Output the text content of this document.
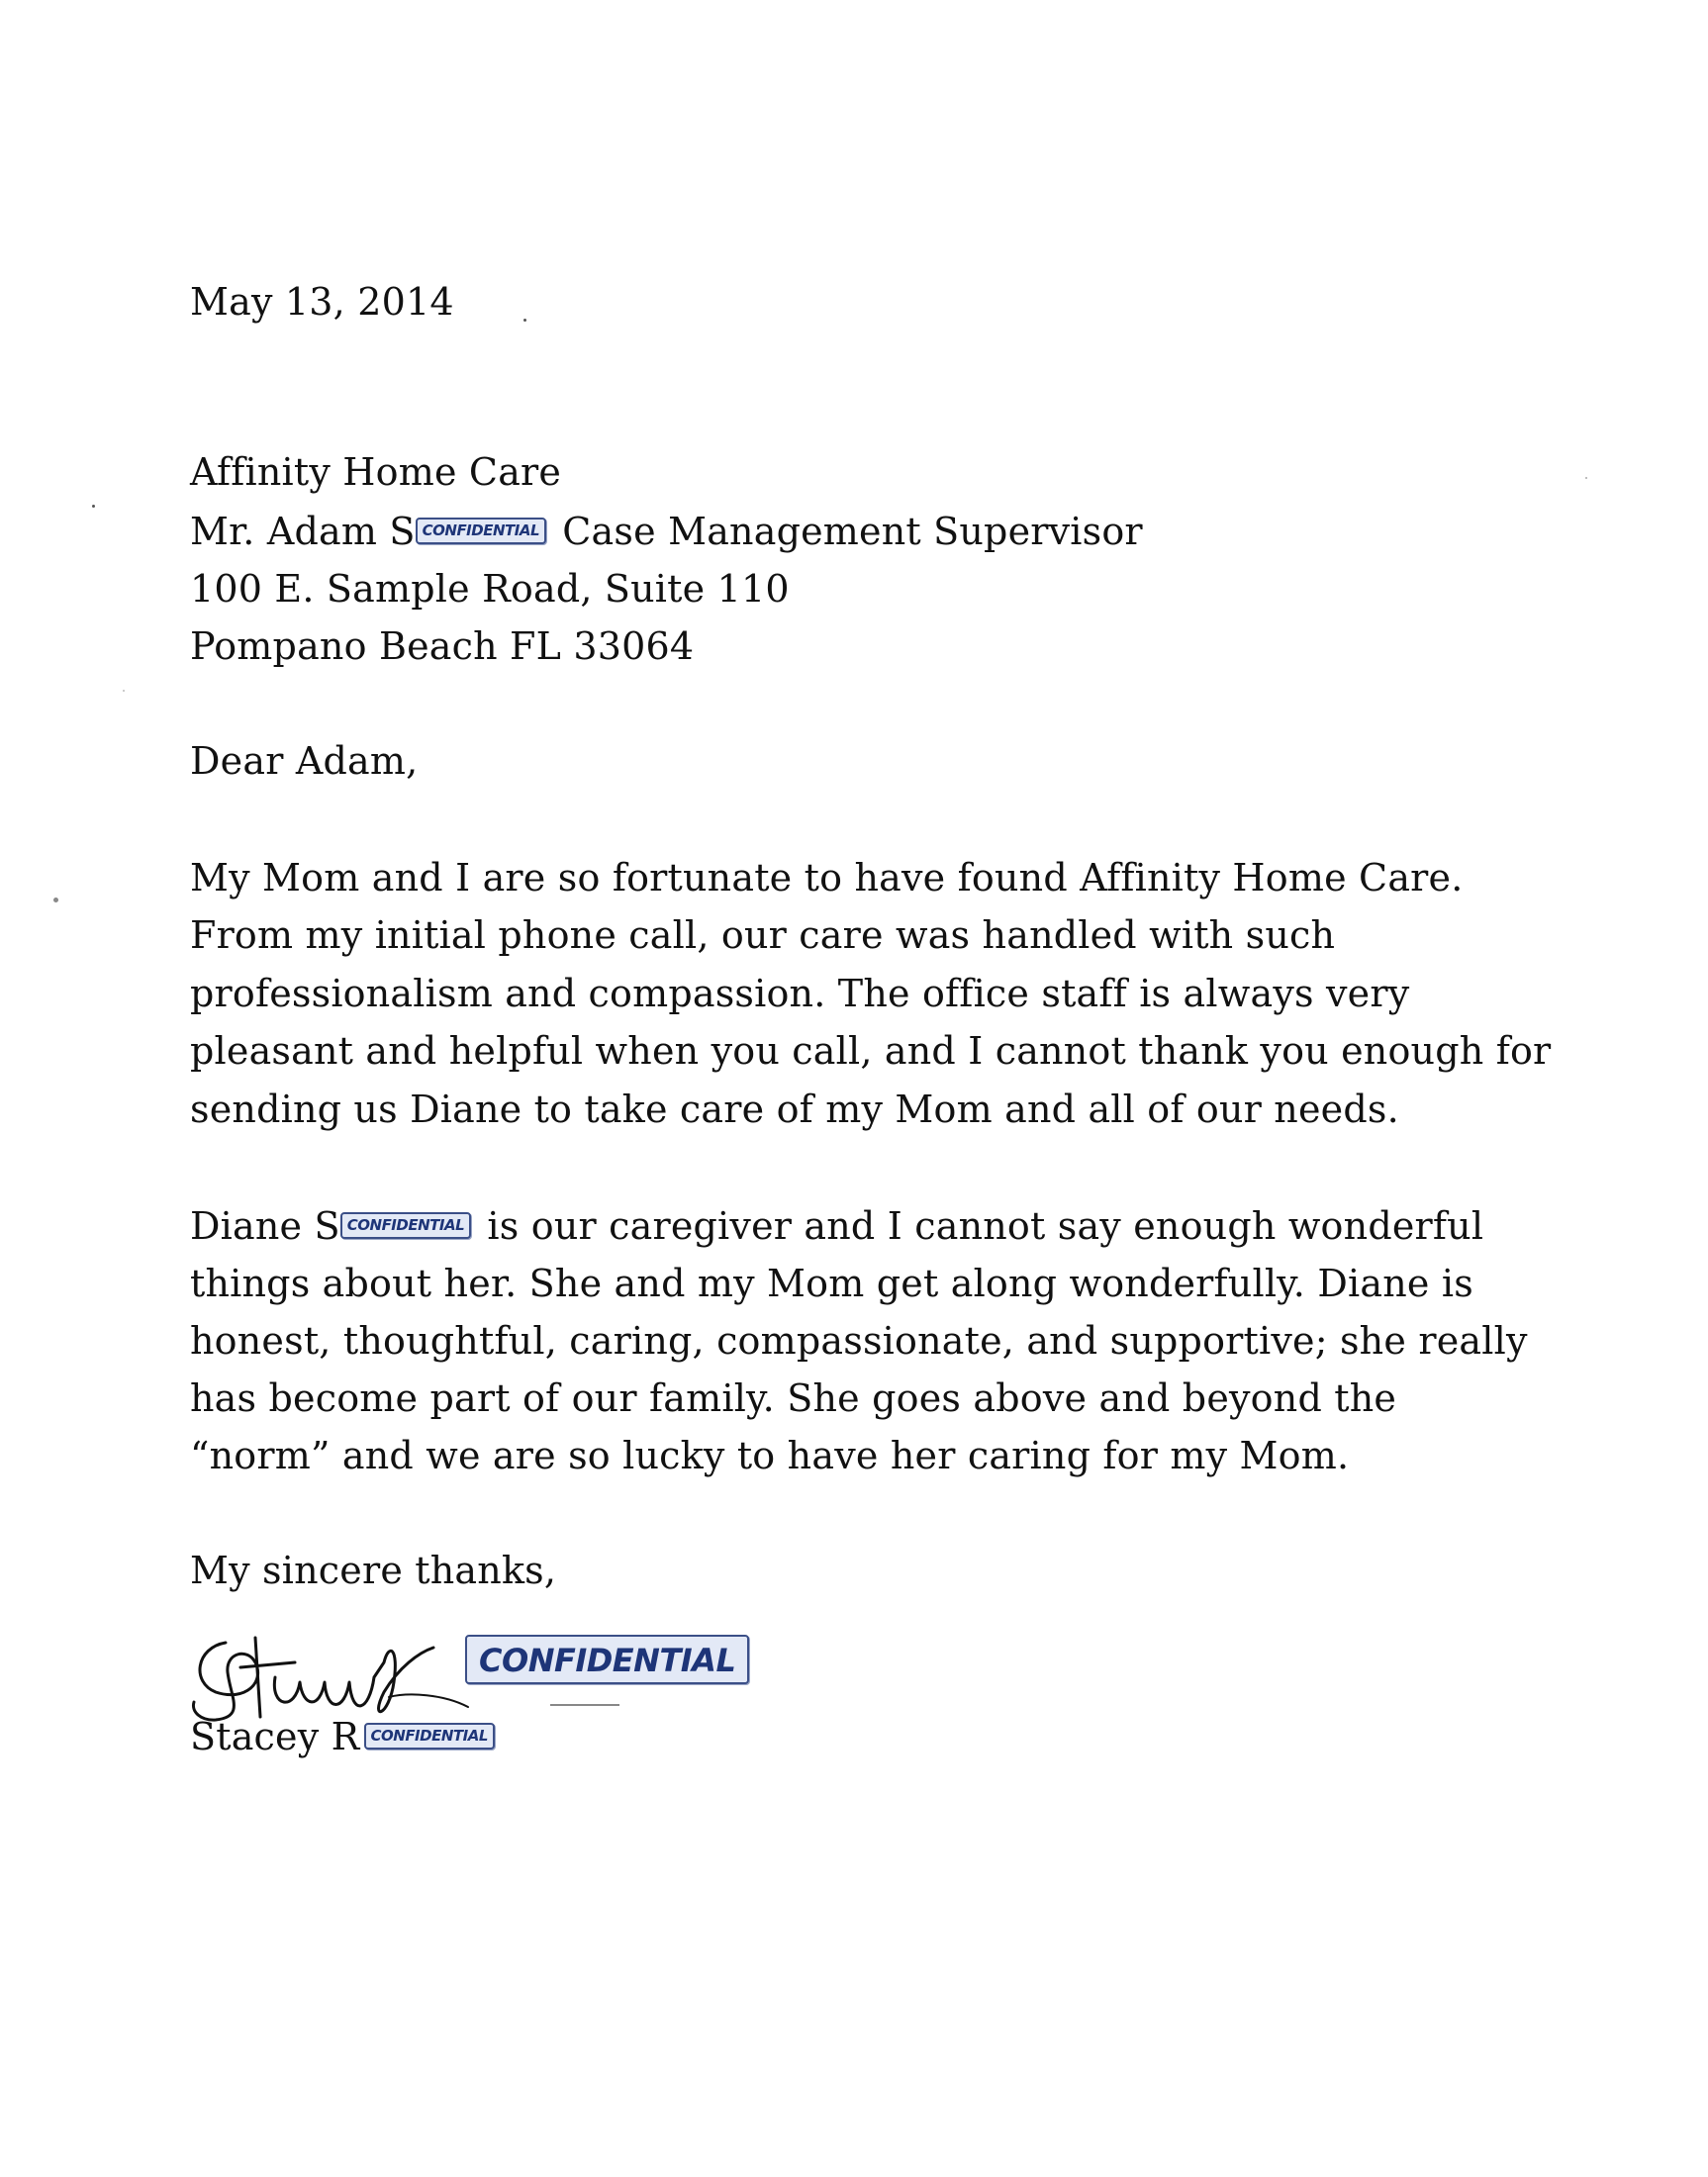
May 13, 2014
Affinity Home Care
Mr. Adam S CONFIDENTIAL Case Management Supervisor
100 E. Sample Road, Suite 110
Pompano Beach FL 33064
Dear Adam,
My Mom and I are so fortunate to have found Affinity Home Care.
From my initial phone call, our care was handled with such
professionalism and compassion. The office staff is always very
pleasant and helpful when you call, and I cannot thank you enough for
sending us Diane to take care of my Mom and all of our needs.
Diane S CONFIDENTIAL is our caregiver and I cannot say enough wonderful
things about her. She and my Mom get along wonderfully. Diane is
honest, thoughtful, caring, compassionate, and supportive; she really
has become part of our family. She goes above and beyond the
“norm” and we are so lucky to have her caring for my Mom.
My sincere thanks,
CONFIDENTIAL
Stacey R CONFIDENTIAL
